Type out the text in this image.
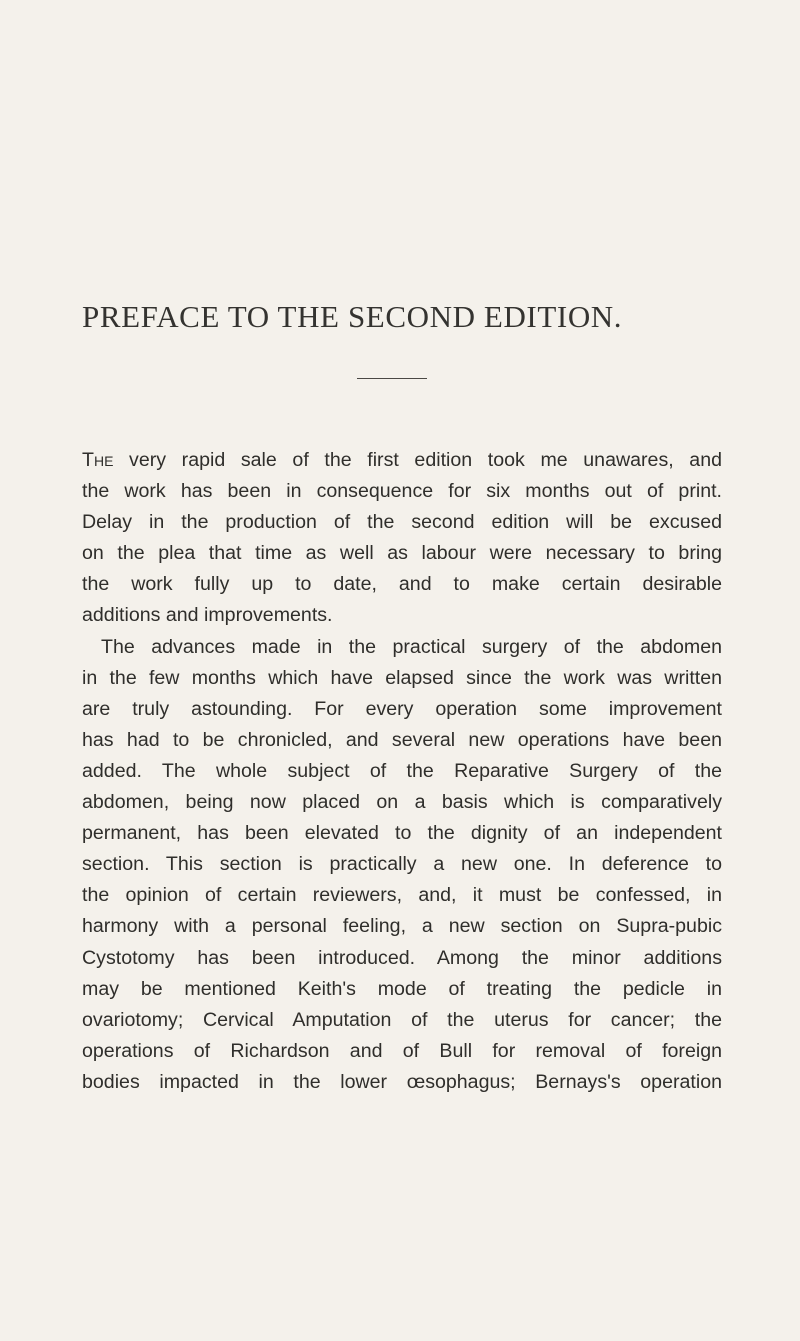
PREFACE TO THE SECOND EDITION.
The very rapid sale of the first edition took me unawares, and
the work has been in consequence for six months out of print.
Delay in the production of the second edition will be excused
on the plea that time as well as labour were necessary to bring
the work fully up to date, and to make certain desirable
additions and improvements.
The advances made in the practical surgery of the abdomen
in the few months which have elapsed since the work was written
are truly astounding. For every operation some improvement
has had to be chronicled, and several new operations have been
added. The whole subject of the Reparative Surgery of the
abdomen, being now placed on a basis which is comparatively
permanent, has been elevated to the dignity of an independent
section. This section is practically a new one. In deference to
the opinion of certain reviewers, and, it must be confessed, in
harmony with a personal feeling, a new section on Supra-pubic
Cystotomy has been introduced. Among the minor additions
may be mentioned Keith's mode of treating the pedicle in
ovariotomy; Cervical Amputation of the uterus for cancer; the
operations of Richardson and of Bull for removal of foreign
bodies impacted in the lower œsophagus; Bernays's operation
